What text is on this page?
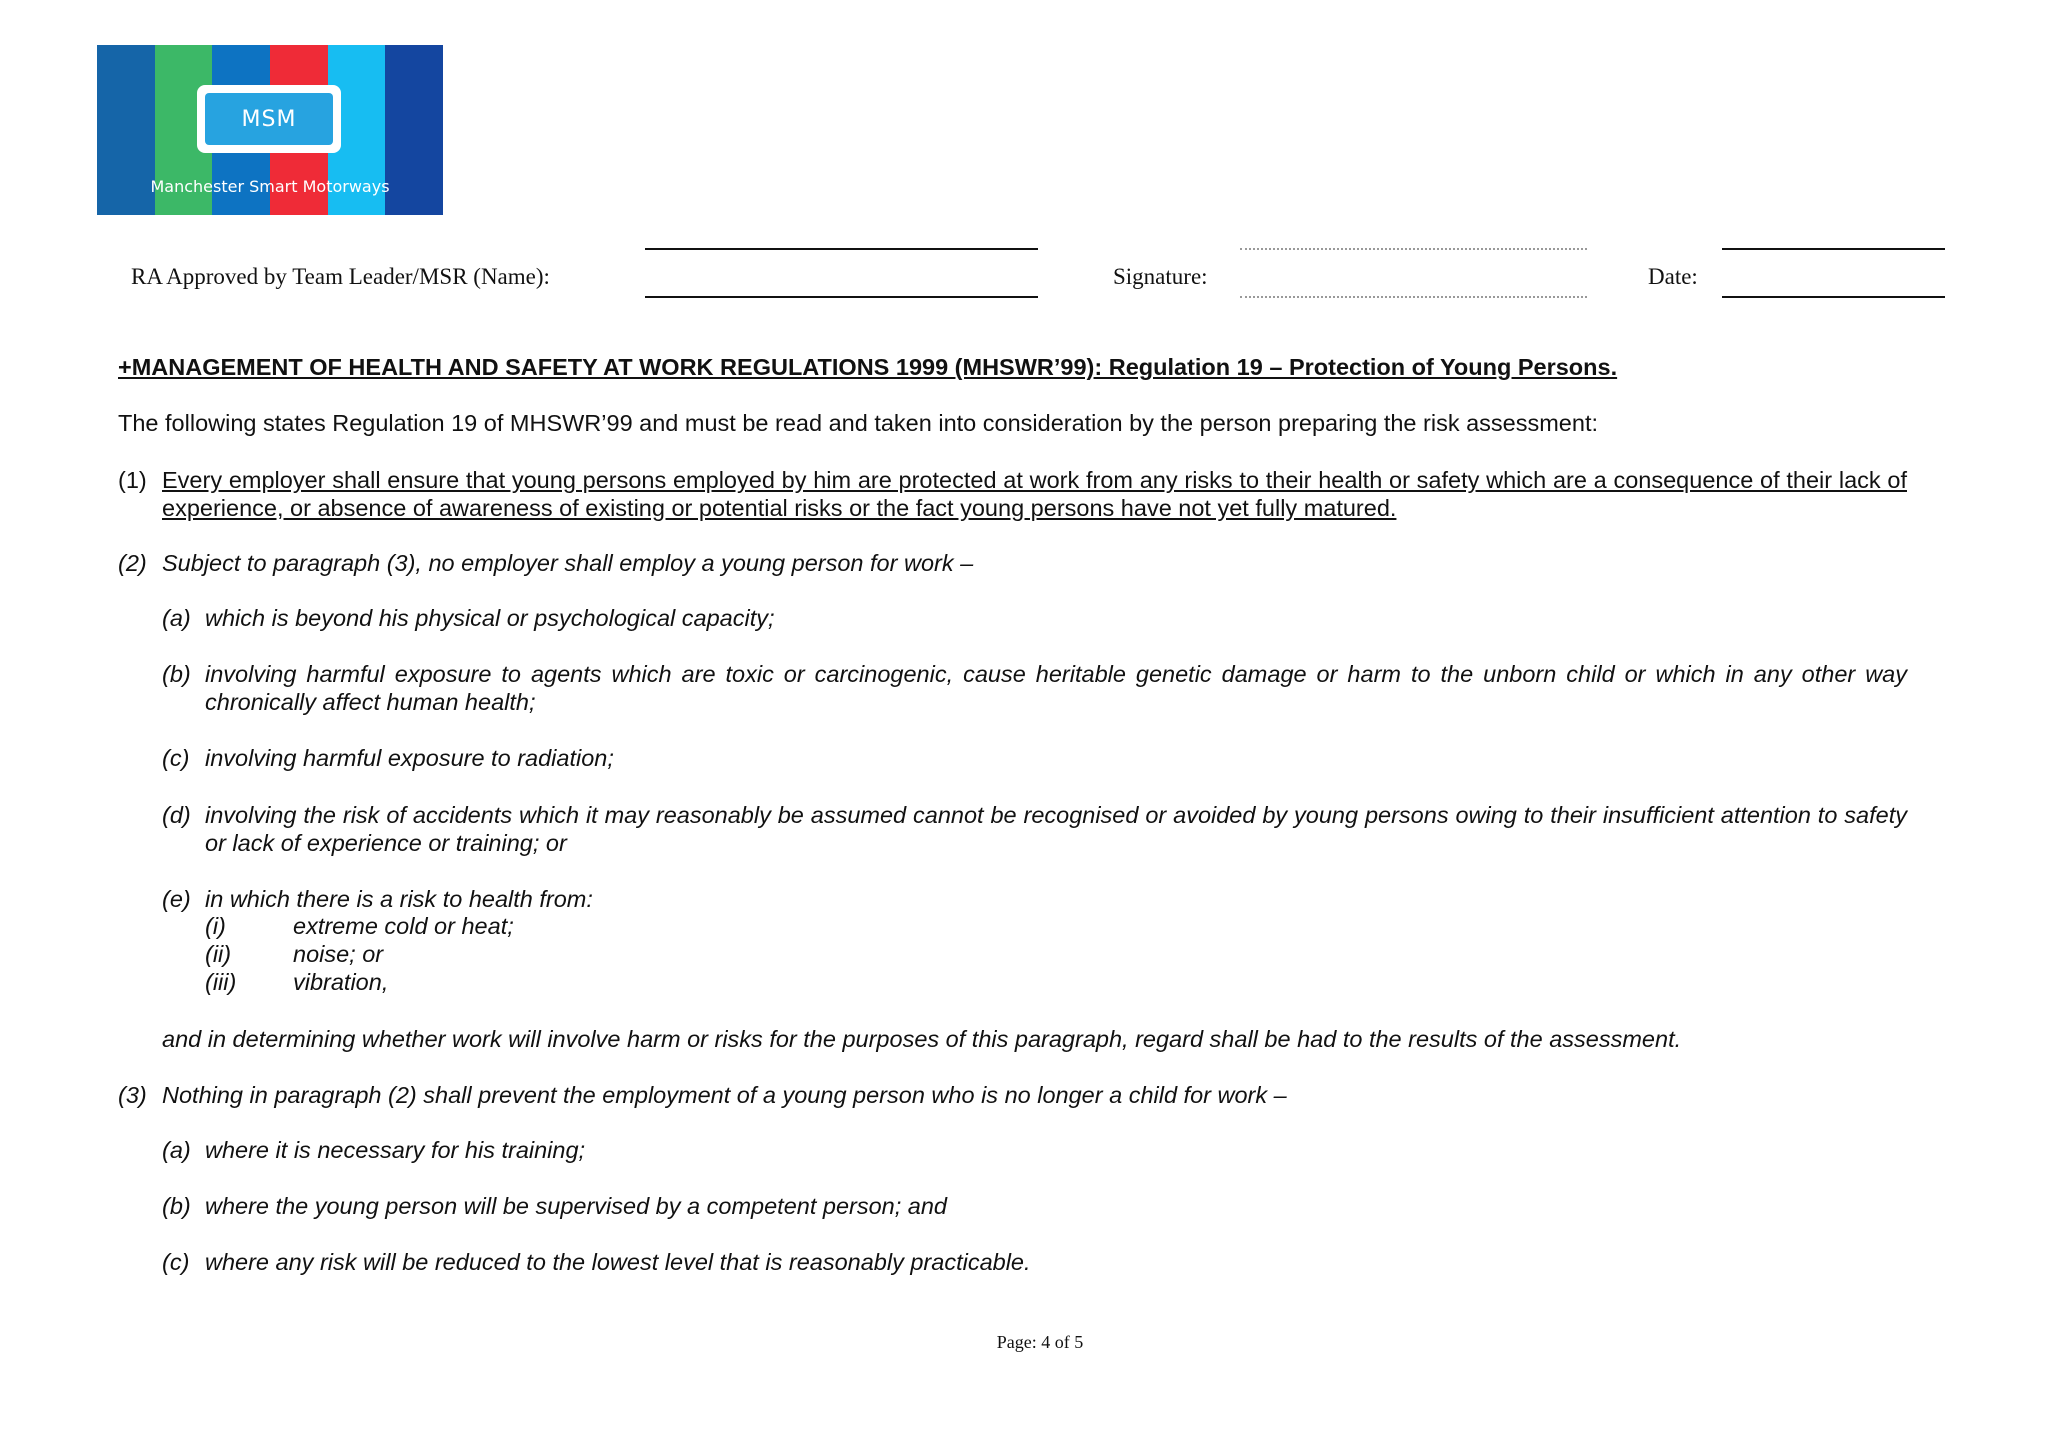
MSM
Manchester Smart Motorways
RA Approved by Team Leader/MSR (Name):	Signature:	Date:
+MANAGEMENT OF HEALTH AND SAFETY AT WORK REGULATIONS 1999 (MHSWR’99): Regulation 19 – Protection of Young Persons.
The following states Regulation 19 of MHSWR’99 and must be read and taken into consideration by the person preparing the risk assessment:
(1) Every employer shall ensure that young persons employed by him are protected at work from any risks to their health or safety which are a consequence of their lack of experience, or absence of awareness of existing or potential risks or the fact young persons have not yet fully matured.
(2) Subject to paragraph (3), no employer shall employ a young person for work –
(a) which is beyond his physical or psychological capacity;
(b) involving harmful exposure to agents which are toxic or carcinogenic, cause heritable genetic damage or harm to the unborn child or which in any other way chronically affect human health;
(c) involving harmful exposure to radiation;
(d) involving the risk of accidents which it may reasonably be assumed cannot be recognised or avoided by young persons owing to their insufficient attention to safety or lack of experience or training; or
(e) in which there is a risk to health from:
(i)	extreme cold or heat;
(ii)	noise; or
(iii) vibration,
and in determining whether work will involve harm or risks for the purposes of this paragraph, regard shall be had to the results of the assessment.
(3) Nothing in paragraph (2) shall prevent the employment of a young person who is no longer a child for work –
(a) where it is necessary for his training;
(b) where the young person will be supervised by a competent person; and
(c) where any risk will be reduced to the lowest level that is reasonably practicable.
Page: 4 of 5
